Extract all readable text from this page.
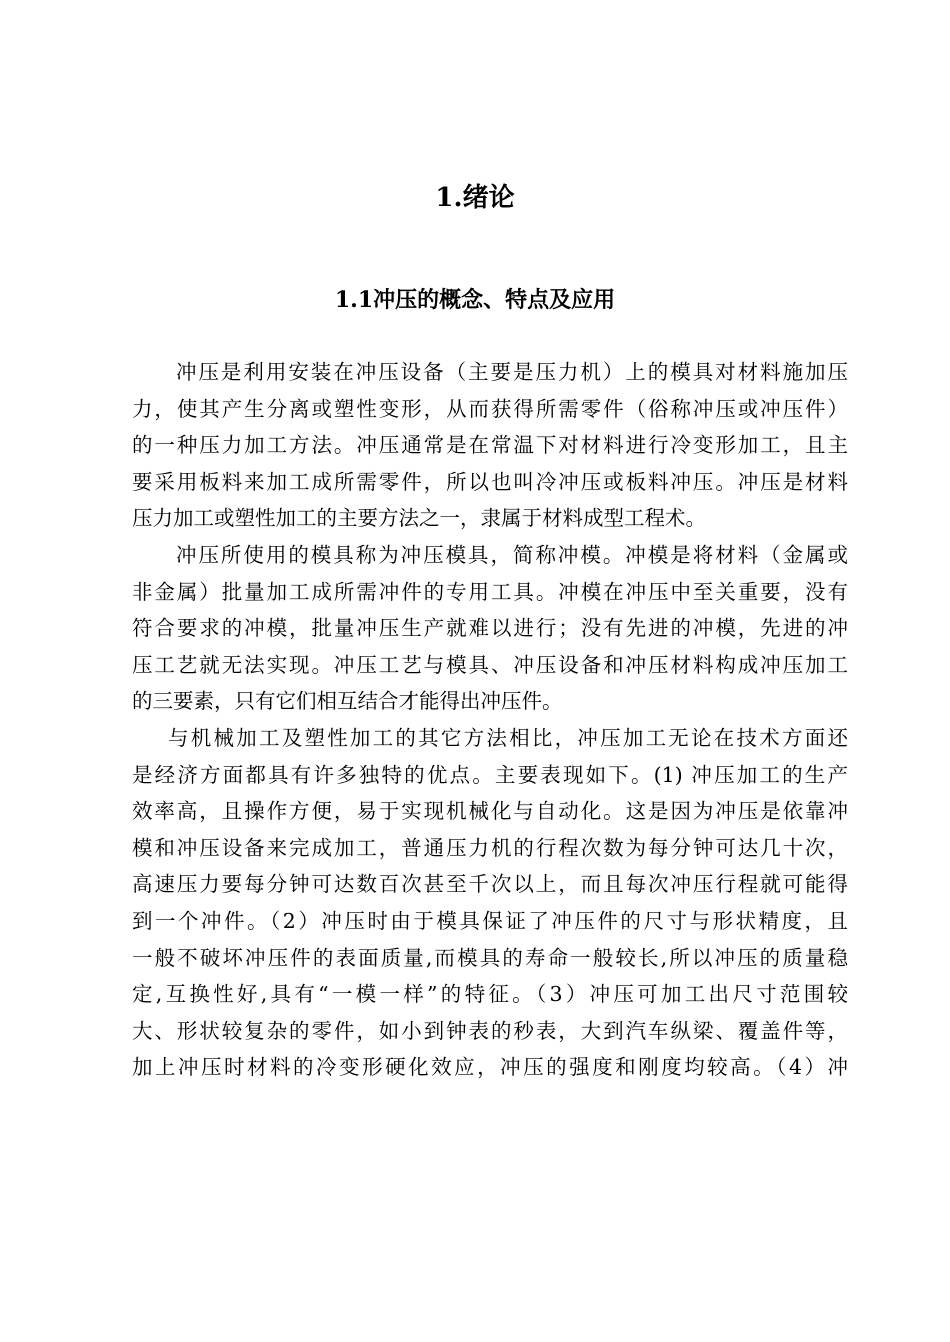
1.绪论
1.1冲压的概念、特点及应用
冲压是利用安装在冲压设备（主要是压力机）上的模具对材料施加压
力，使其产生分离或塑性变形，从而获得所需零件（俗称冲压或冲压件）
的一种压力加工方法。冲压通常是在常温下对材料进行冷变形加工，且主
要采用板料来加工成所需零件，所以也叫冷冲压或板料冲压。冲压是材料
压力加工或塑性加工的主要方法之一，隶属于材料成型工程术。
冲压所使用的模具称为冲压模具，简称冲模。冲模是将材料（金属或
非金属）批量加工成所需冲件的专用工具。冲模在冲压中至关重要，没有
符合要求的冲模，批量冲压生产就难以进行；没有先进的冲模，先进的冲
压工艺就无法实现。冲压工艺与模具、冲压设备和冲压材料构成冲压加工
的三要素，只有它们相互结合才能得出冲压件。
与机械加工及塑性加工的其它方法相比，冲压加工无论在技术方面还
是经济方面都具有许多独特的优点。主要表现如下。(1) 冲压加工的生产
效率高，且操作方便，易于实现机械化与自动化。这是因为冲压是依靠冲
模和冲压设备来完成加工，普通压力机的行程次数为每分钟可达几十次，
高速压力要每分钟可达数百次甚至千次以上，而且每次冲压行程就可能得
到一个冲件。（2）冲压时由于模具保证了冲压件的尺寸与形状精度，且
一般不破坏冲压件的表面质量,而模具的寿命一般较长,所以冲压的质量稳
定,互换性好,具有“一模一样”的特征。（3）冲压可加工出尺寸范围较
大、形状较复杂的零件，如小到钟表的秒表，大到汽车纵梁、覆盖件等，
加上冲压时材料的冷变形硬化效应，冲压的强度和刚度均较高。（4）冲
